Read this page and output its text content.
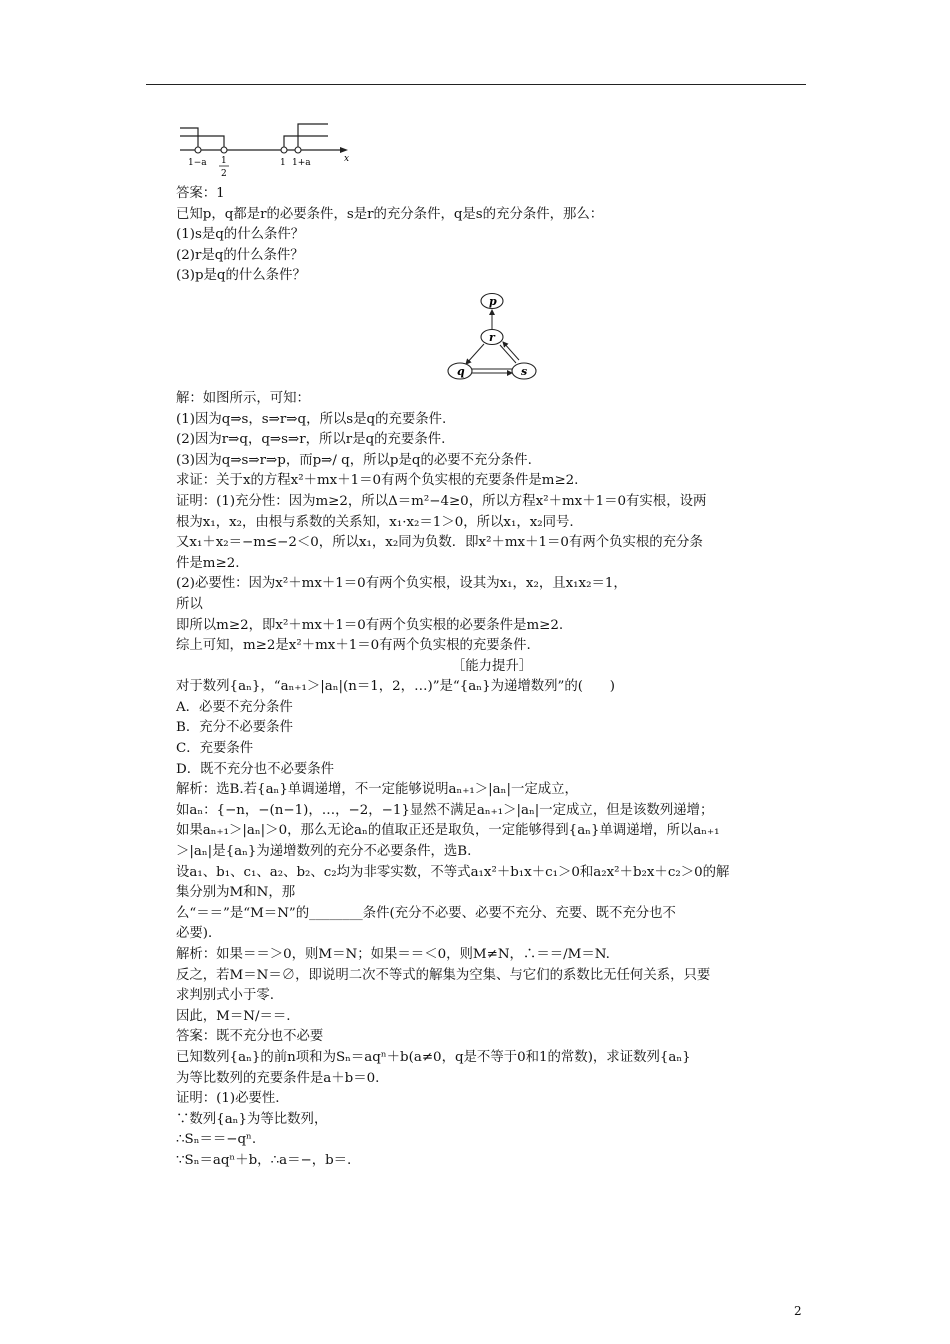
1−a 1
2
1 1+a	x
答案：1
已知p，q都是r的必要条件，s是r的充分条件，q是s的充分条件，那么：
(1)s是q的什么条件？
(2)r是q的什么条件？
(3)p是q的什么条件？
解：如图所示，可知：
(1)因为q⇒s，s⇒r⇒q，所以s是q的充要条件.
(2)因为r⇒q，q⇒s⇒r，所以r是q的充要条件.
(3)因为q⇒s⇒r⇒p，而p⇒/ q，所以p是q的必要不充分条件.
求证：关于x的方程x²＋mx＋1＝0有两个负实根的充要条件是m≥2.
证明：(1)充分性：因为m≥2，所以Δ＝m²−4≥0，所以方程x²＋mx＋1＝0有实根，设两
根为x₁，x₂，由根与系数的关系知，x₁·x₂＝1＞0，所以x₁，x₂同号.
又x₁＋x₂＝−m≤−2＜0，所以x₁，x₂同为负数．即x²＋mx＋1＝0有两个负实根的充分条
件是m≥2.
(2)必要性：因为x²＋mx＋1＝0有两个负实根，设其为x₁，x₂，且x₁x₂＝1，
所以
即所以m≥2，即x²＋mx＋1＝0有两个负实根的必要条件是m≥2.
综上可知，m≥2是x²＋mx＋1＝0有两个负实根的充要条件.
［能力提升］
对于数列{aₙ}，“aₙ₊₁＞|aₙ|(n＝1，2，…)”是“{aₙ}为递增数列”的(　　)
A．必要不充分条件
B．充分不必要条件
C．充要条件
D．既不充分也不必要条件
解析：选B.若{aₙ}单调递增，不一定能够说明aₙ₊₁＞|aₙ|一定成立，
如aₙ：{−n，−(n−1)，…，−2，−1}显然不满足aₙ₊₁＞|aₙ|一定成立，但是该数列递增；
如果aₙ₊₁＞|aₙ|＞0，那么无论aₙ的值取正还是取负，一定能够得到{aₙ}单调递增，所以aₙ₊₁
＞|aₙ|是{aₙ}为递增数列的充分不必要条件，选B.
设a₁、b₁、c₁、a₂、b₂、c₂均为非零实数，不等式a₁x²＋b₁x＋c₁＞0和a₂x²＋b₂x＋c₂＞0的解
集分别为M和N，那
么“＝＝”是“M＝N”的________条件(充分不必要、必要不充分、充要、既不充分也不
必要)．
解析：如果＝＝＞0，则M＝N；如果＝＝＜0，则M≠N，∴＝＝/M＝N.
反之，若M＝N＝∅，即说明二次不等式的解集为空集、与它们的系数比无任何关系，只要
求判别式小于零.
因此，M＝N/＝＝.
答案：既不充分也不必要
已知数列{aₙ}的前n项和为Sₙ＝aqⁿ＋b(a≠0，q是不等于0和1的常数)，求证数列{aₙ}
为等比数列的充要条件是a＋b＝0.
证明：(1)必要性.
∵数列{aₙ}为等比数列，
∴Sₙ＝＝−qⁿ.
∵Sₙ＝aqⁿ＋b，∴a＝−，b＝.
p
r
q	s
2
